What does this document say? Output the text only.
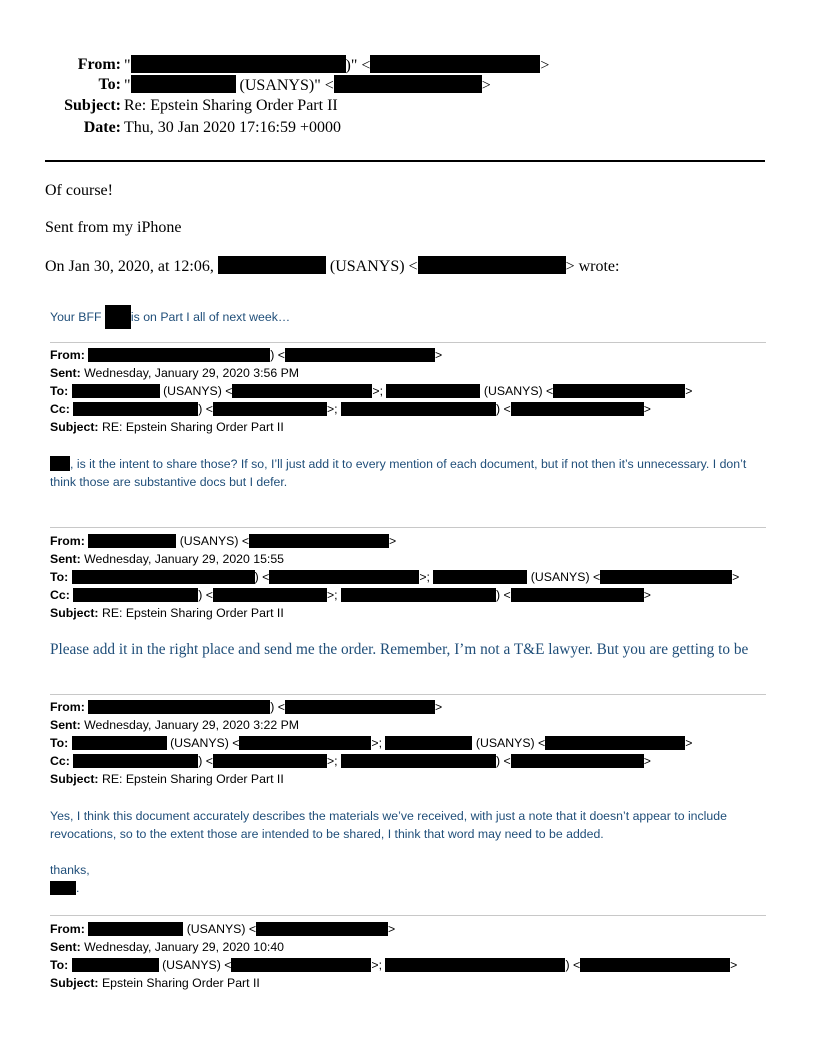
From: "	)" <	>
To: "	(USANYS)" <	>
Subject: Re: Epstein Sharing Order Part II
Date: Thu, 30 Jan 2020 17:16:59 +0000
Of course!
Sent from my iPhone
On Jan 30, 2020, at 12:06,	(USANYS) <	> wrote:
Your BFF is on Part I all of next week…
From:	) <	>
Sent: Wednesday, January 29, 2020 3:56 PM
To:	(USANYS) <	>;	(USANYS) <	>
Cc:	) <	>;	) <	>
Subject: RE: Epstein Sharing Order Part II
, is it the intent to share those? If so, I’ll just add it to every mention of each document, but if not then it’s unnecessary. I don’t think those are substantive docs but I defer.
From:	(USANYS) <	>
Sent: Wednesday, January 29, 2020 15:55
To:	) <	>;	(USANYS) <	>
Cc:	) <	>;	) <	>
Subject: RE: Epstein Sharing Order Part II
Please add it in the right place and send me the order. Remember, I’m not a T&E lawyer. But you are getting to be
From:	) <	>
Sent: Wednesday, January 29, 2020 3:22 PM
To:	(USANYS) <	>;	(USANYS) <	>
Cc:	) <	>;	) <	>
Subject: RE: Epstein Sharing Order Part II
Yes, I think this document accurately describes the materials we’ve received, with just a note that it doesn’t appear to include revocations, so to the extent those are intended to be shared, I think that word may need to be added.
thanks,
.
From:	(USANYS) <	>
Sent: Wednesday, January 29, 2020 10:40
To:	(USANYS) <	>;	) <	>
Subject: Epstein Sharing Order Part II
